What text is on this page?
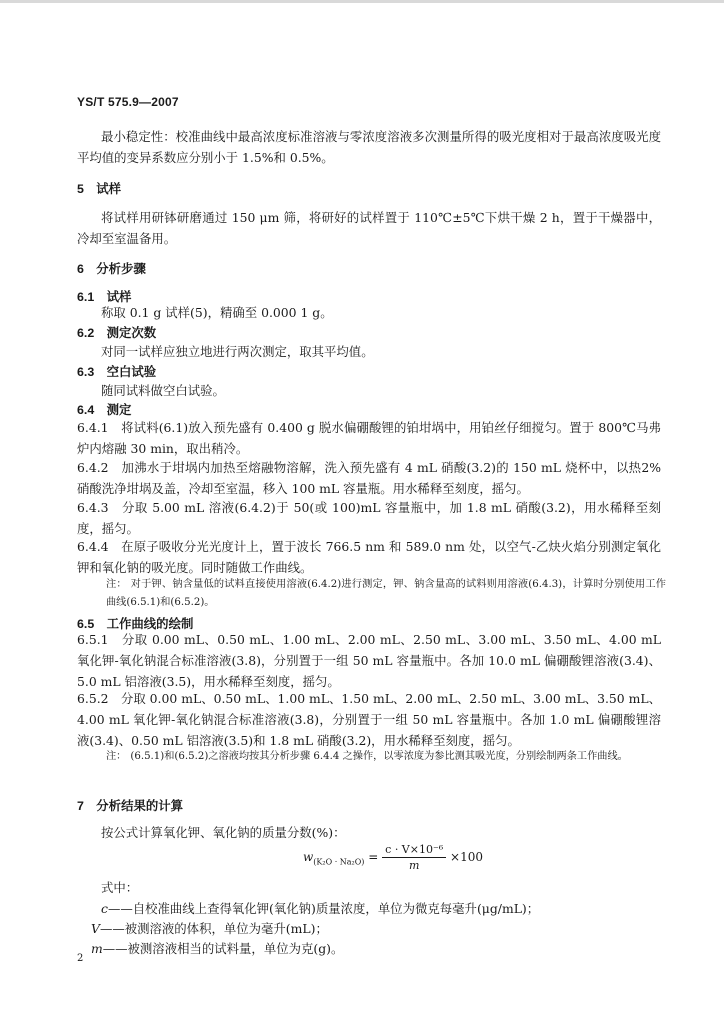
YS/T 575.9—2007
最小稳定性：校准曲线中最高浓度标准溶液与零浓度溶液多次测量所得的吸光度相对于最高浓度吸光度平均值的变异系数应分别小于 1.5%和 0.5%。
5　试样
将试样用研钵研磨通过 150 μm 筛，将研好的试样置于 110℃±5℃下烘干燥 2 h，置于干燥器中，冷却至室温备用。
6　分析步骤
6.1　试样
称取 0.1 g 试样(5)，精确至 0.000 1 g。
6.2　测定次数
对同一试样应独立地进行两次测定，取其平均值。
6.3　空白试验
随同试料做空白试验。
6.4　测定
6.4.1　将试料(6.1)放入预先盛有 0.400 g 脱水偏硼酸锂的铂坩埚中，用铂丝仔细搅匀。置于 800℃马弗炉内熔融 30 min，取出稍冷。
6.4.2　加沸水于坩埚内加热至熔融物溶解，洗入预先盛有 4 mL 硝酸(3.2)的 150 mL 烧杯中，以热2%硝酸洗净坩埚及盖，冷却至室温，移入 100 mL 容量瓶。用水稀释至刻度，摇匀。
6.4.3　分取 5.00 mL 溶液(6.4.2)于 50(或 100)mL 容量瓶中，加 1.8 mL 硝酸(3.2)，用水稀释至刻度，摇匀。
6.4.4　在原子吸收分光光度计上，置于波长 766.5 nm 和 589.0 nm 处，以空气-乙炔火焰分别测定氧化钾和氧化钠的吸光度。同时随做工作曲线。
注： 对于钾、钠含量低的试料直接使用溶液(6.4.2)进行测定，钾、钠含量高的试料则用溶液(6.4.3)，计算时分别使用工作曲线(6.5.1)和(6.5.2)。
6.5　工作曲线的绘制
6.5.1　分取 0.00 mL、0.50 mL、1.00 mL、2.00 mL、2.50 mL、3.00 mL、3.50 mL、4.00 mL 氧化钾-氧化钠混合标准溶液(3.8)，分别置于一组 50 mL 容量瓶中。各加 10.0 mL 偏硼酸锂溶液(3.4)、5.0 mL 铝溶液(3.5)，用水稀释至刻度，摇匀。
6.5.2　分取 0.00 mL、0.50 mL、1.00 mL、1.50 mL、2.00 mL、2.50 mL、3.00 mL、3.50 mL、4.00 mL 氧化钾-氧化钠混合标准溶液(3.8)，分别置于一组 50 mL 容量瓶中。各加 1.0 mL 偏硼酸锂溶液(3.4)、0.50 mL 铝溶液(3.5)和 1.8 mL 硝酸(3.2)，用水稀释至刻度，摇匀。
注： (6.5.1)和(6.5.2)之溶液均按其分析步骤 6.4.4 之操作，以零浓度为参比测其吸光度，分别绘制两条工作曲线。
7　分析结果的计算
按公式计算氧化钾、氧化钠的质量分数(%)：
$w_{(K_2O \cdot Na_2O)} = \frac{\text{c · V×10⁻⁶}}{m} \times 100$
式中：
c——自校准曲线上查得氧化钾(氧化钠)质量浓度，单位为微克每毫升(μg/mL)；
V——被测溶液的体积，单位为毫升(mL)；
m——被测溶液相当的试料量，单位为克(g)。
2
